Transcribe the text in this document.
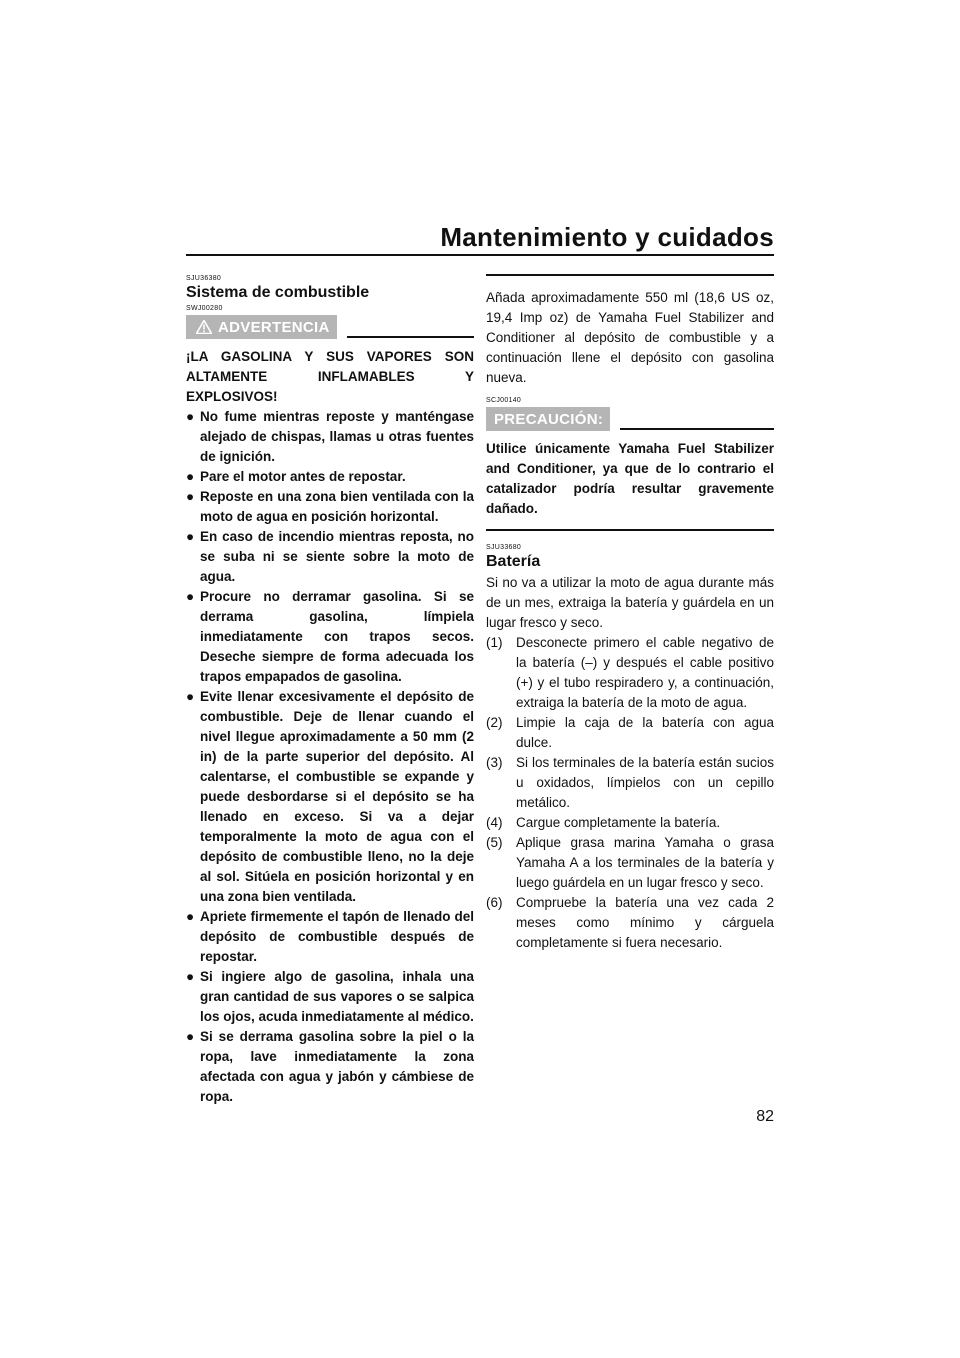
Mantenimiento y cuidados
SJU36380
Sistema de combustible
SWJ00280
ADVERTENCIA
¡LA GASOLINA Y SUS VAPORES SON ALTAMENTE INFLAMABLES Y EXPLOSIVOS!
● No fume mientras reposte y manténgase alejado de chispas, llamas u otras fuentes de ignición.
● Pare el motor antes de repostar.
● Reposte en una zona bien ventilada con la moto de agua en posición horizontal.
● En caso de incendio mientras reposta, no se suba ni se siente sobre la moto de agua.
● Procure no derramar gasolina. Si se derrama gasolina, límpiela inmediatamente con trapos secos. Deseche siempre de forma adecuada los trapos empapados de gasolina.
● Evite llenar excesivamente el depósito de combustible. Deje de llenar cuando el nivel llegue aproximadamente a 50 mm (2 in) de la parte superior del depósito. Al calentarse, el combustible se expande y puede desbordarse si el depósito se ha llenado en exceso. Si va a dejar temporalmente la moto de agua con el depósito de combustible lleno, no la deje al sol. Sitúela en posición horizontal y en una zona bien ventilada.
● Apriete firmemente el tapón de llenado del depósito de combustible después de repostar.
● Si ingiere algo de gasolina, inhala una gran cantidad de sus vapores o se salpica los ojos, acuda inmediatamente al médico.
● Si se derrama gasolina sobre la piel o la ropa, lave inmediatamente la zona afectada con agua y jabón y cámbiese de ropa.
Añada aproximadamente 550 ml (18,6 US oz, 19,4 Imp oz) de Yamaha Fuel Stabilizer and Conditioner al depósito de combustible y a continuación llene el depósito con gasolina nueva.
SCJ00140
PRECAUCIÓN:
Utilice únicamente Yamaha Fuel Stabilizer and Conditioner, ya que de lo contrario el catalizador podría resultar gravemente dañado.
SJU33680
Batería
Si no va a utilizar la moto de agua durante más de un mes, extraiga la batería y guárdela en un lugar fresco y seco.
(1) Desconecte primero el cable negativo de la batería (–) y después el cable positivo (+) y el tubo respiradero y, a continuación, extraiga la batería de la moto de agua.
(2) Limpie la caja de la batería con agua dulce.
(3) Si los terminales de la batería están sucios u oxidados, límpielos con un cepillo metálico.
(4) Cargue completamente la batería.
(5) Aplique grasa marina Yamaha o grasa Yamaha A a los terminales de la batería y luego guárdela en un lugar fresco y seco.
(6) Compruebe la batería una vez cada 2 meses como mínimo y cárguela completamente si fuera necesario.
82
